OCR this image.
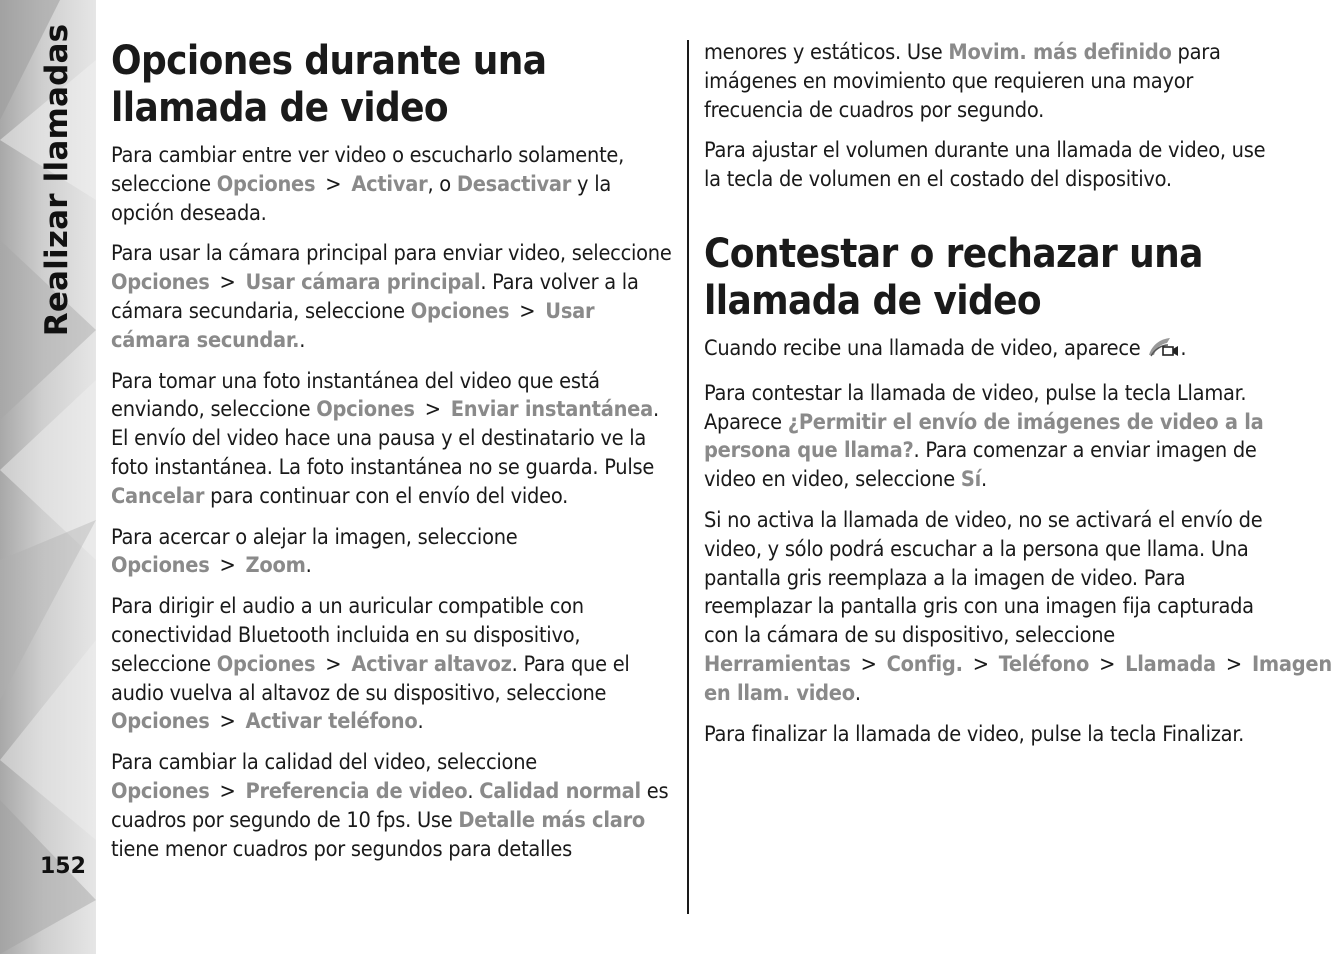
Realizar llamadas
152
Opciones durante una llamada de video

Para cambiar entre ver video o escucharlo solamente, seleccione Opciones > Activar, o Desactivar y la opción deseada.

Para usar la cámara principal para enviar video, seleccione Opciones > Usar cámara principal. Para volver a la cámara secundaria, seleccione Opciones > Usar cámara secundar..

Para tomar una foto instantánea del video que está enviando, seleccione Opciones > Enviar instantánea. El envío del video hace una pausa y el destinatario ve la foto instantánea. La foto instantánea no se guarda. Pulse Cancelar para continuar con el envío del video.

Para acercar o alejar la imagen, seleccione Opciones > Zoom.

Para dirigir el audio a un auricular compatible con conectividad Bluetooth incluida en su dispositivo, seleccione Opciones > Activar altavoz. Para que el audio vuelva al altavoz de su dispositivo, seleccione Opciones > Activar teléfono.

Para cambiar la calidad del video, seleccione Opciones > Preferencia de video. Calidad normal es cuadros por segundo de 10 fps. Use Detalle más claro tiene menor cuadros por segundos para detalles

menores y estáticos. Use Movim. más definido para imágenes en movimiento que requieren una mayor frecuencia de cuadros por segundo.

Para ajustar el volumen durante una llamada de video, use la tecla de volumen en el costado del dispositivo.

Contestar o rechazar una llamada de video

Cuando recibe una llamada de video, aparece .

Para contestar la llamada de video, pulse la tecla Llamar. Aparece ¿Permitir el envío de imágenes de video a la persona que llama?. Para comenzar a enviar imagen de video en video, seleccione Sí.

Si no activa la llamada de video, no se activará el envío de video, y sólo podrá escuchar a la persona que llama. Una pantalla gris reemplaza a la imagen de video. Para reemplazar la pantalla gris con una imagen fija capturada con la cámara de su dispositivo, seleccione Herramientas > Config. > Teléfono > Llamada > Imagen en llam. video.

Para finalizar la llamada de video, pulse la tecla Finalizar.
